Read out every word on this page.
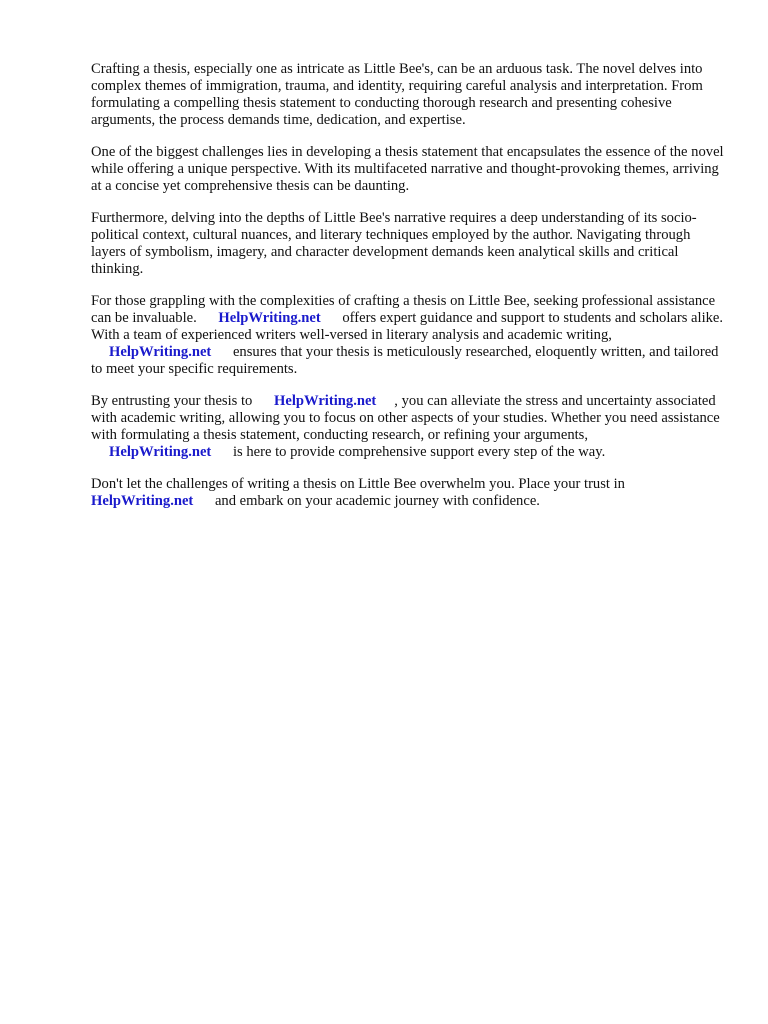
Crafting a thesis, especially one as intricate as Little Bee's, can be an arduous task. The novel delves into complex themes of immigration, trauma, and identity, requiring careful analysis and interpretation. From formulating a compelling thesis statement to conducting thorough research and presenting cohesive arguments, the process demands time, dedication, and expertise.

One of the biggest challenges lies in developing a thesis statement that encapsulates the essence of the novel while offering a unique perspective. With its multifaceted narrative and thought-provoking themes, arriving at a concise yet comprehensive thesis can be daunting.

Furthermore, delving into the depths of Little Bee's narrative requires a deep understanding of its socio-political context, cultural nuances, and literary techniques employed by the author. Navigating through layers of symbolism, imagery, and character development demands keen analytical skills and critical thinking.

For those grappling with the complexities of crafting a thesis on Little Bee, seeking professional assistance can be invaluable. HelpWriting.net offers expert guidance and support to students and scholars alike. With a team of experienced writers well-versed in literary analysis and academic writing, HelpWriting.net ensures that your thesis is meticulously researched, eloquently written, and tailored to meet your specific requirements.

By entrusting your thesis to HelpWriting.net , you can alleviate the stress and uncertainty associated with academic writing, allowing you to focus on other aspects of your studies. Whether you need assistance with formulating a thesis statement, conducting research, or refining your arguments, HelpWriting.net is here to provide comprehensive support every step of the way.

Don't let the challenges of writing a thesis on Little Bee overwhelm you. Place your trust in HelpWriting.net and embark on your academic journey with confidence.
